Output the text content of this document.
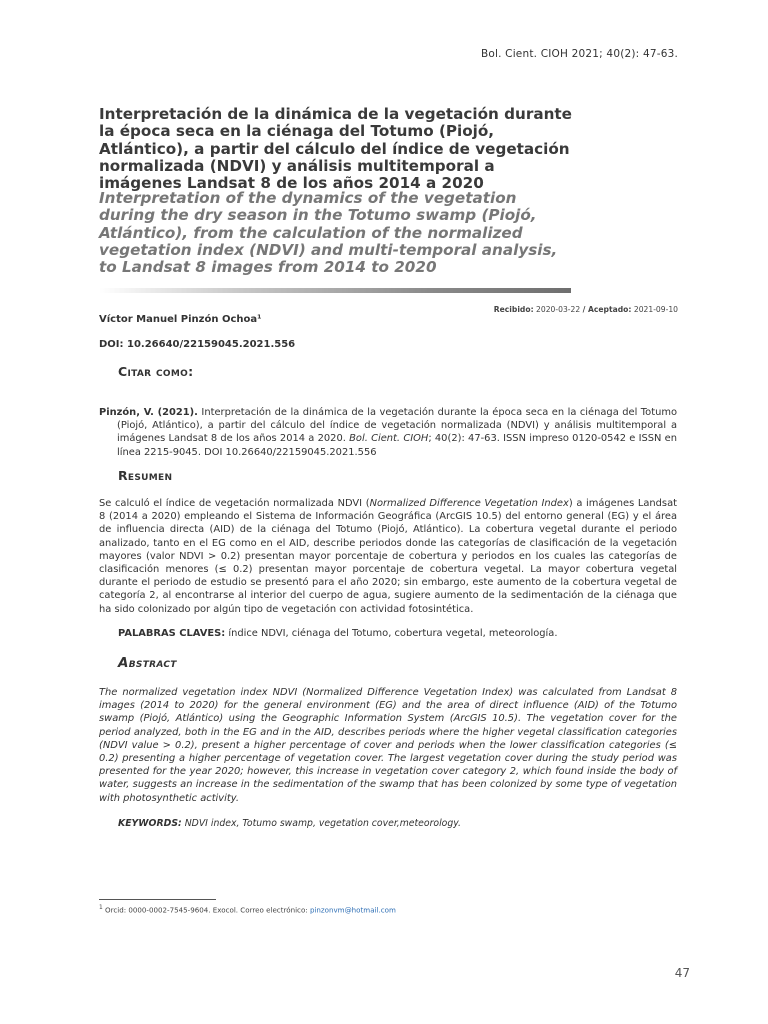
Bol. Cient. CIOH 2021; 40(2): 47-63.
Interpretación de la dinámica de la vegetación durante la época seca en la ciénaga del Totumo (Piojó, Atlántico), a partir del cálculo del índice de vegetación normalizada (NDVI) y análisis multitemporal a imágenes Landsat 8 de los años 2014 a 2020
Interpretation of the dynamics of the vegetation during the dry season in the Totumo swamp (Piojó, Atlántico), from the calculation of the normalized vegetation index (NDVI) and multi-temporal analysis, to Landsat 8 images from 2014 to 2020
Recibido: 2020-03-22 / Aceptado: 2021-09-10
Víctor Manuel Pinzón Ochoa¹
DOI: 10.26640/22159045.2021.556
Citar como:
Pinzón, V. (2021). Interpretación de la dinámica de la vegetación durante la época seca en la ciénaga del Totumo (Piojó, Atlántico), a partir del cálculo del índice de vegetación normalizada (NDVI) y análisis multitemporal a imágenes Landsat 8 de los años 2014 a 2020. Bol. Cient. CIOH; 40(2): 47-63. ISSN impreso 0120-0542 e ISSN en línea 2215-9045. DOI 10.26640/22159045.2021.556
Resumen
Se calculó el índice de vegetación normalizada NDVI (Normalized Difference Vegetation Index) a imágenes Landsat 8 (2014 a 2020) empleando el Sistema de Información Geográfica (ArcGIS 10.5) del entorno general (EG) y el área de influencia directa (AID) de la ciénaga del Totumo (Piojó, Atlántico). La cobertura vegetal durante el periodo analizado, tanto en el EG como en el AID, describe periodos donde las categorías de clasificación de la vegetación mayores (valor NDVI > 0.2) presentan mayor porcentaje de cobertura y periodos en los cuales las categorías de clasificación menores (≤ 0.2) presentan mayor porcentaje de cobertura vegetal. La mayor cobertura vegetal durante el periodo de estudio se presentó para el año 2020; sin embargo, este aumento de la cobertura vegetal de categoría 2, al encontrarse al interior del cuerpo de agua, sugiere aumento de la sedimentación de la ciénaga que ha sido colonizado por algún tipo de vegetación con actividad fotosintética.
PALABRAS CLAVES: índice NDVI, ciénaga del Totumo, cobertura vegetal, meteorología.
Abstract
The normalized vegetation index NDVI (Normalized Difference Vegetation Index) was calculated from Landsat 8 images (2014 to 2020) for the general environment (EG) and the area of direct influence (AID) of the Totumo swamp (Piojó, Atlántico) using the Geographic Information System (ArcGIS 10.5). The vegetation cover for the period analyzed, both in the EG and in the AID, describes periods where the higher vegetal classification categories (NDVI value > 0.2), present a higher percentage of cover and periods when the lower classification categories (≤ 0.2) presenting a higher percentage of vegetation cover. The largest vegetation cover during the study period was presented for the year 2020; however, this increase in vegetation cover category 2, which found inside the body of water, suggests an increase in the sedimentation of the swamp that has been colonized by some type of vegetation with photosynthetic activity.
KEYWORDS: NDVI index, Totumo swamp, vegetation cover,meteorology.
$^1$ Orcid: 0000-0002-7545-9604. Exocol. Correo electrónico: pinzonvm@hotmail.com
47
